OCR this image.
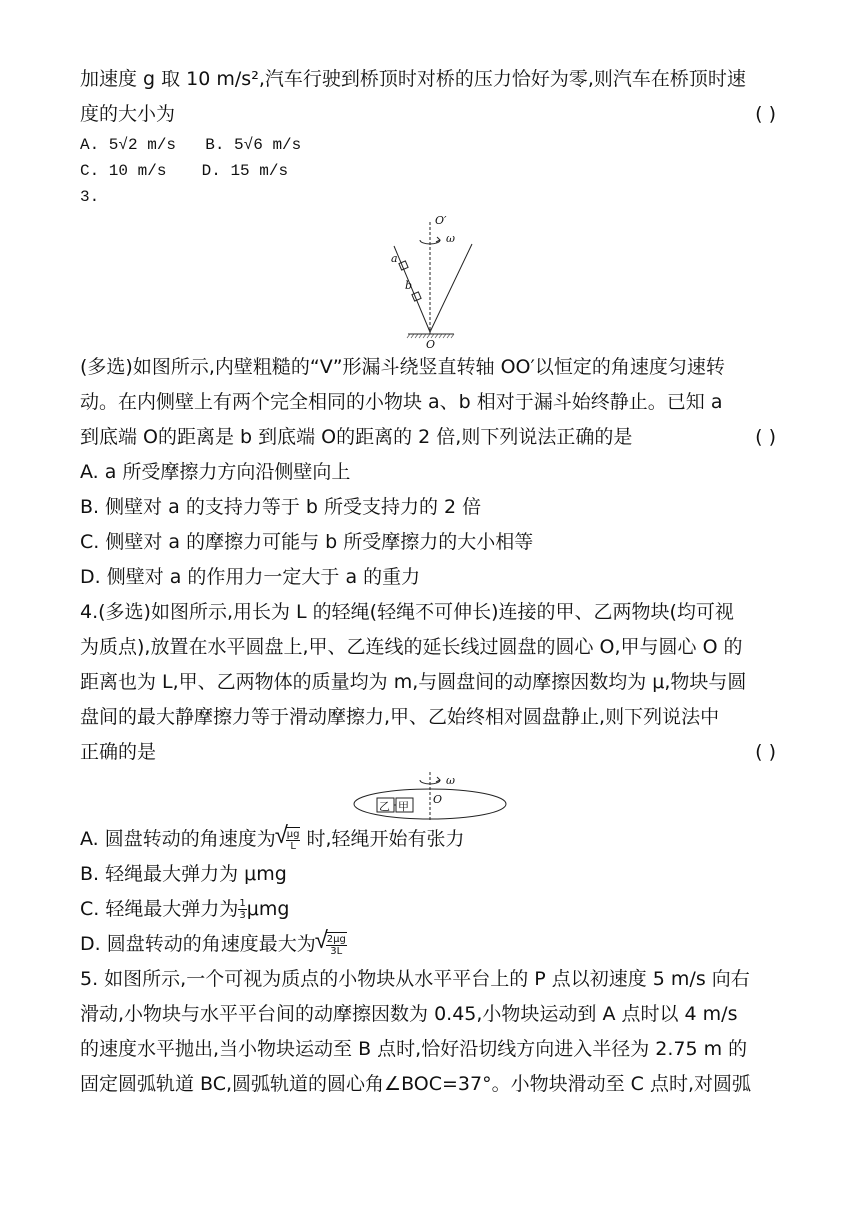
加速度 g 取 10 m/s²,汽车行驶到桥顶时对桥的压力恰好为零,则汽车在桥顶时速

度的大小为	( )
A. 5√2 m/s B. 5√6 m/s
C. 10 m/s D. 15 m/s
3.
O′
ω
a
b
O

(多选)如图所示,内壁粗糙的“V”形漏斗绕竖直转轴 OO′以恒定的角速度匀速转

动。在内侧壁上有两个完全相同的小物块 a、b 相对于漏斗始终静止。已知 a

到底端 O的距离是 b 到底端 O的距离的 2 倍,则下列说法正确的是	( )

A. a 所受摩擦力方向沿侧壁向上

B. 侧壁对 a 的支持力等于 b 所受支持力的 2 倍

C. 侧壁对 a 的摩擦力可能与 b 所受摩擦力的大小相等

D. 侧壁对 a 的作用力一定大于 a 的重力

4.(多选)如图所示,用长为 L 的轻绳(轻绳不可伸长)连接的甲、乙两物块(均可视

为质点),放置在水平圆盘上,甲、乙连线的延长线过圆盘的圆心 O,甲与圆心 O 的

距离也为 L,甲、乙两物体的质量均为 m,与圆盘间的动摩擦因数均为 μ,物块与圆

盘间的最大静摩擦力等于滑动摩擦力,甲、乙始终相对圆盘静止,则下列说法中

正确的是	( )
ω
乙 甲
O

A. 圆盘转动的角速度为 √ $\frac{\mu g}{L}$ 时,轻绳开始有张力

B. 轻绳最大弹力为 μmg

C. 轻绳最大弹力为 $\frac{1}{3}$ μmg

D. 圆盘转动的角速度最大为 √ $\frac{2\mu g}{3L}$

5. 如图所示,一个可视为质点的小物块从水平平台上的 P 点以初速度 5 m/s 向右

滑动,小物块与水平平台间的动摩擦因数为 0.45,小物块运动到 A 点时以 4 m/s

的速度水平抛出,当小物块运动至 B 点时,恰好沿切线方向进入半径为 2.75 m 的

固定圆弧轨道 BC,圆弧轨道的圆心角∠BOC=37°。小物块滑动至 C 点时,对圆弧
